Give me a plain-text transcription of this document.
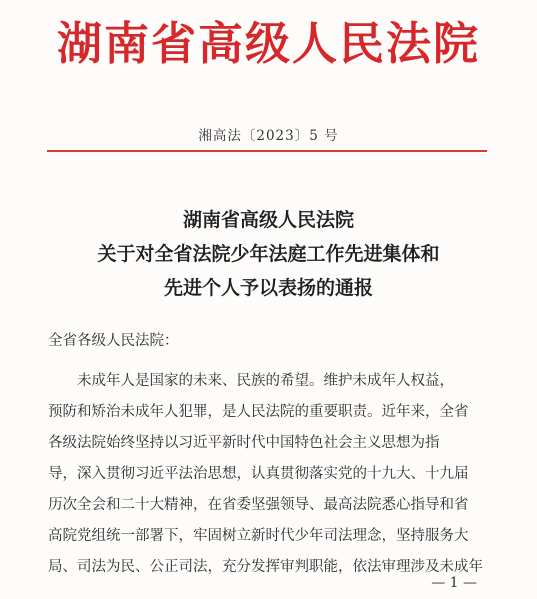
湖南省高级人民法院
湘高法〔2023〕5 号
湖南省高级人民法院
关于对全省法院少年法庭工作先进集体和
先进个人予以表扬的通报
全省各级人民法院：
未成年人是国家的未来、民族的希望。维护未成年人权益，
预防和矫治未成年人犯罪，是人民法院的重要职责。近年来，全省
各级法院始终坚持以习近平新时代中国特色社会主义思想为指
导，深入贯彻习近平法治思想，认真贯彻落实党的十九大、十九届
历次全会和二十大精神，在省委坚强领导、最高法院悉心指导和省
高院党组统一部署下，牢固树立新时代少年司法理念，坚持服务大
局、司法为民、公正司法，充分发挥审判职能，依法审理涉及未成年
— 1 —
